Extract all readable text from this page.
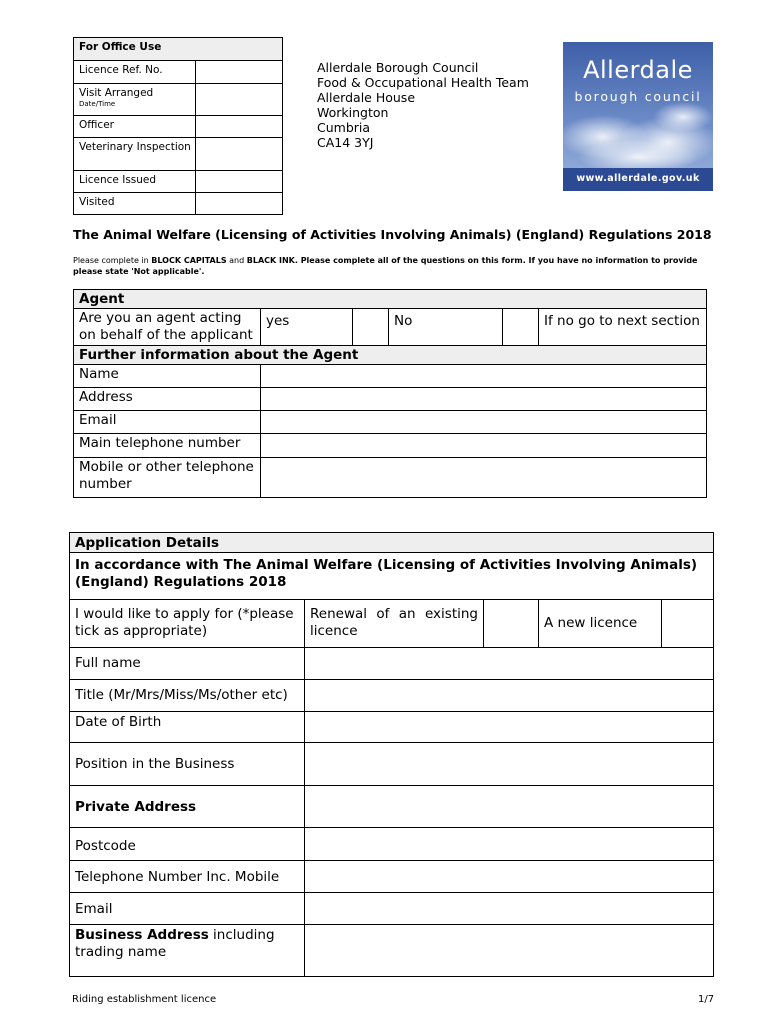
For Office Use	
Licence Ref. No.	
Visit Arranged
Date/Time	

Officer	
Veterinary Inspection	
Licence Issued	
Visited	
Allerdale Borough Council
Food & Occupational Health Team
Allerdale House
Workington
Cumbria
CA14 3YJ
Allerdale
borough council
www.allerdale.gov.uk
The Animal Welfare (Licensing of Activities Involving Animals) (England) Regulations 2018
Please complete in BLOCK CAPITALS and BLACK INK. Please complete all of the questions on this form. If you have no information to provide please state 'Not applicable'.
Agent					
Are you an agent acting on behalf of the applicant	yes		No		If no go to next section
Further information about the Agent					
Name					
Address					
Email					
Main telephone number					
Mobile or other telephone number					
Application Details				
In accordance with The Animal Welfare (Licensing of Activities Involving Animals) (England) Regulations 2018				
I would like to apply for (*please tick as appropriate)	Renewal of an existing licence		A new licence	
Full name				
Title (Mr/Mrs/Miss/Ms/other etc)				
Date of Birth				
Position in the Business				
Private Address				
Postcode				
Telephone Number Inc. Mobile				
Email				
Business Address including trading name				
Riding establishment licence	1/7
